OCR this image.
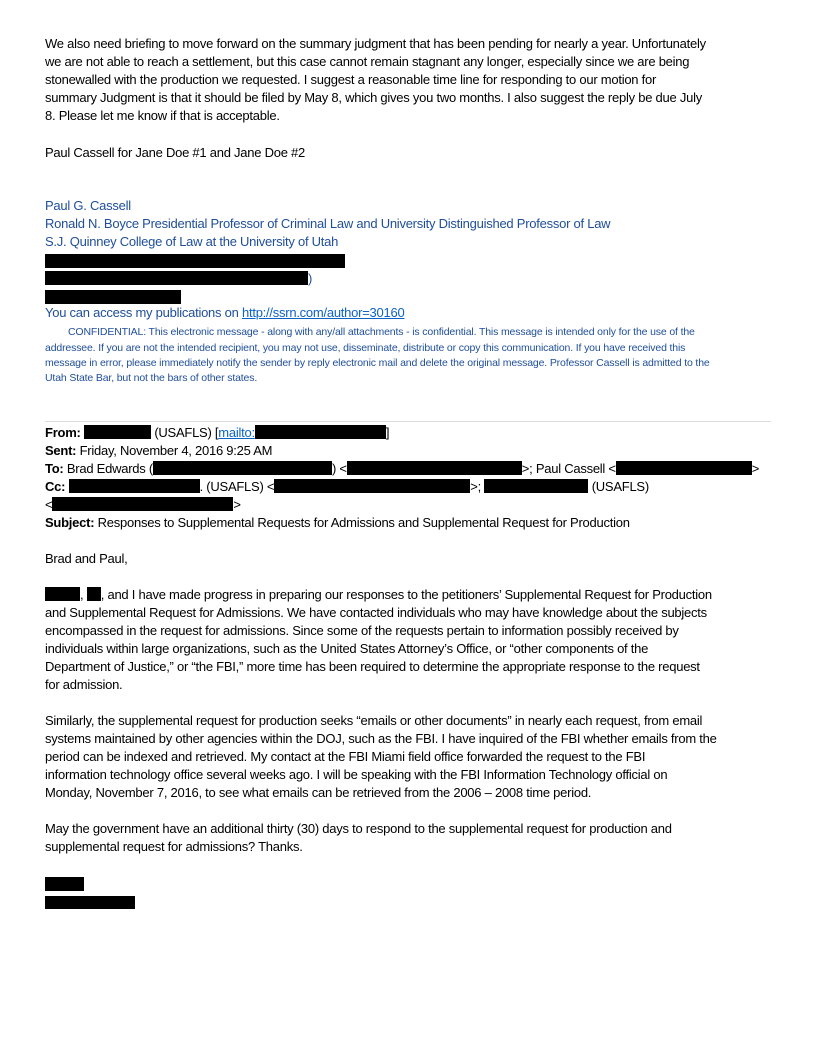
We also need briefing to move forward on the summary judgment that has been pending for nearly a year. Unfortunately
we are not able to reach a settlement, but this case cannot remain stagnant any longer, especially since we are being
stonewalled with the production we requested. I suggest a reasonable time line for responding to our motion for
summary Judgment is that it should be filed by May 8, which gives you two months. I also suggest the reply be due July
8. Please let me know if that is acceptable.
Paul Cassell for Jane Doe #1 and Jane Doe #2
Paul G. Cassell
Ronald N. Boyce Presidential Professor of Criminal Law and University Distinguished Professor of Law
S.J. Quinney College of Law at the University of Utah
)
You can access my publications on http://ssrn.com/author=30160
CONFIDENTIAL: This electronic message - along with any/all attachments - is confidential. This message is intended only for the use of the
addressee. If you are not the intended recipient, you may not use, disseminate, distribute or copy this communication. If you have received this
message in error, please immediately notify the sender by reply electronic mail and delete the original message. Professor Cassell is admitted to the
Utah State Bar, but not the bars of other states.
From:	(USAFLS) [mailto:	]
Sent: Friday, November 4, 2016 9:25 AM
To: Brad Edwards (	) <	>; Paul Cassell <	>
Cc:	. (USAFLS) <	>;	(USAFLS)
<	>
Subject: Responses to Supplemental Requests for Admissions and Supplemental Request for Production
Brad and Paul,
, , and I have made progress in preparing our responses to the petitioners’ Supplemental Request for Production
and Supplemental Request for Admissions. We have contacted individuals who may have knowledge about the subjects
encompassed in the request for admissions. Since some of the requests pertain to information possibly received by
individuals within large organizations, such as the United States Attorney’s Office, or “other components of the
Department of Justice,” or “the FBI,” more time has been required to determine the appropriate response to the request
for admission.
Similarly, the supplemental request for production seeks “emails or other documents” in nearly each request, from email
systems maintained by other agencies within the DOJ, such as the FBI. I have inquired of the FBI whether emails from the
period can be indexed and retrieved. My contact at the FBI Miami field office forwarded the request to the FBI
information technology office several weeks ago. I will be speaking with the FBI Information Technology official on
Monday, November 7, 2016, to see what emails can be retrieved from the 2006 – 2008 time period.
May the government have an additional thirty (30) days to respond to the supplemental request for production and
supplemental request for admissions? Thanks.
